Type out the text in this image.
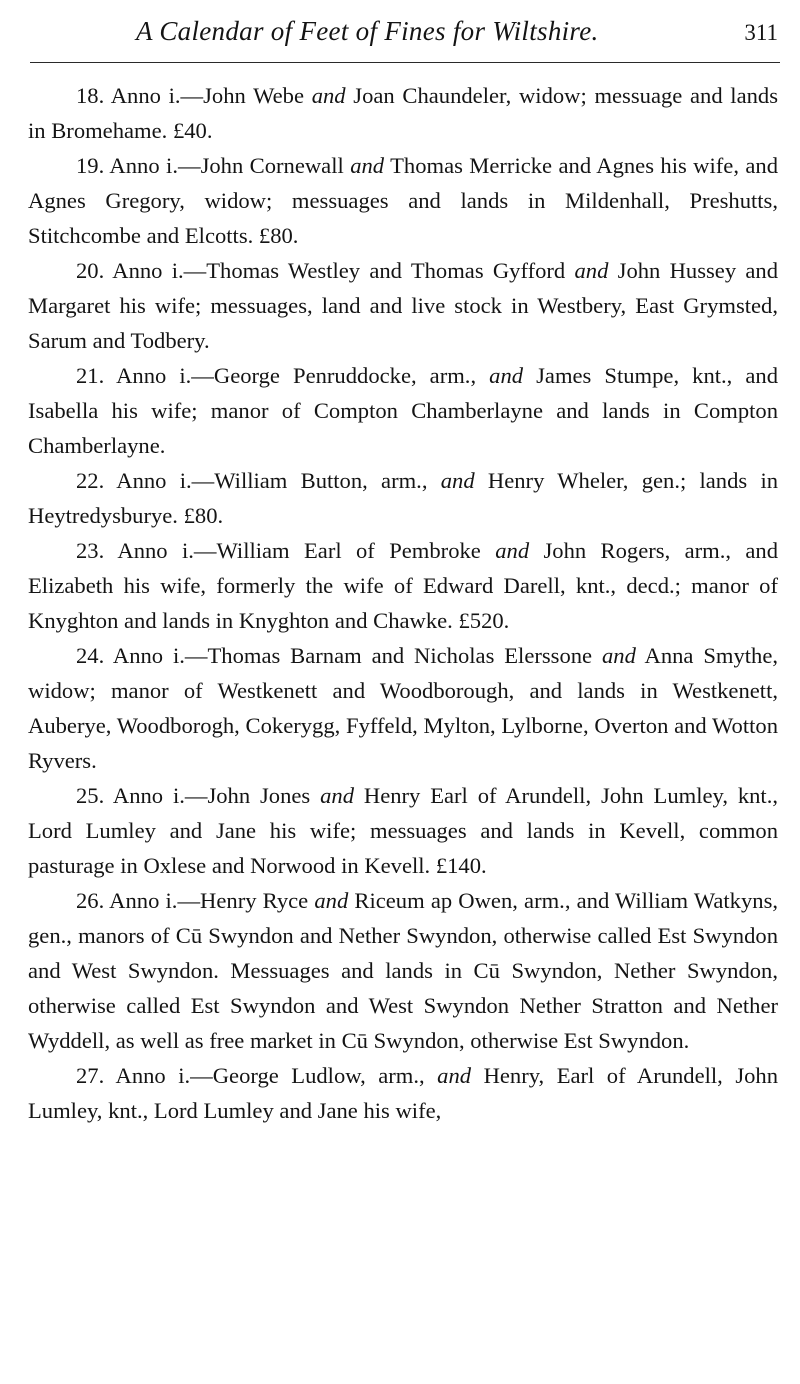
A Calendar of Feet of Fines for Wiltshire.	311

18. Anno i.—John Webe and Joan Chaundeler, widow; messuage and lands in Bromehame. £40.

19. Anno i.—John Cornewall and Thomas Merricke and Agnes his wife, and Agnes Gregory, widow; messuages and lands in Mildenhall, Preshutts, Stitchcombe and Elcotts. £80.

20. Anno i.—Thomas Westley and Thomas Gyfford and John Hussey and Margaret his wife; messuages, land and live stock in Westbery, East Grymsted, Sarum and Todbery.

21. Anno i.—George Penruddocke, arm., and James Stumpe, knt., and Isabella his wife; manor of Compton Chamberlayne and lands in Compton Chamberlayne.

22. Anno i.—William Button, arm., and Henry Wheler, gen.; lands in Heytredysburye. £80.

23. Anno i.—William Earl of Pembroke and John Rogers, arm., and Elizabeth his wife, formerly the wife of Edward Darell, knt., decd.; manor of Knyghton and lands in Knyghton and Chawke. £520.

24. Anno i.—Thomas Barnam and Nicholas Elerssone and Anna Smythe, widow; manor of Westkenett and Woodborough, and lands in Westkenett, Auberye, Woodborogh, Cokerygg, Fyffeld, Mylton, Lylborne, Overton and Wotton Ryvers.

25. Anno i.—John Jones and Henry Earl of Arundell, John Lumley, knt., Lord Lumley and Jane his wife; messuages and lands in Kevell, common pasturage in Oxlese and Norwood in Kevell. £140.

26. Anno i.—Henry Ryce and Riceum ap Owen, arm., and William Watkyns, gen., manors of Cū Swyndon and Nether Swyndon, otherwise called Est Swyndon and West Swyndon. Messuages and lands in Cū Swyndon, Nether Swyndon, otherwise called Est Swyndon and West Swyndon Nether Stratton and Nether Wyddell, as well as free market in Cū Swyndon, otherwise Est Swyndon.

27. Anno i.—George Ludlow, arm., and Henry, Earl of Arundell, John Lumley, knt., Lord Lumley and Jane his wife,
